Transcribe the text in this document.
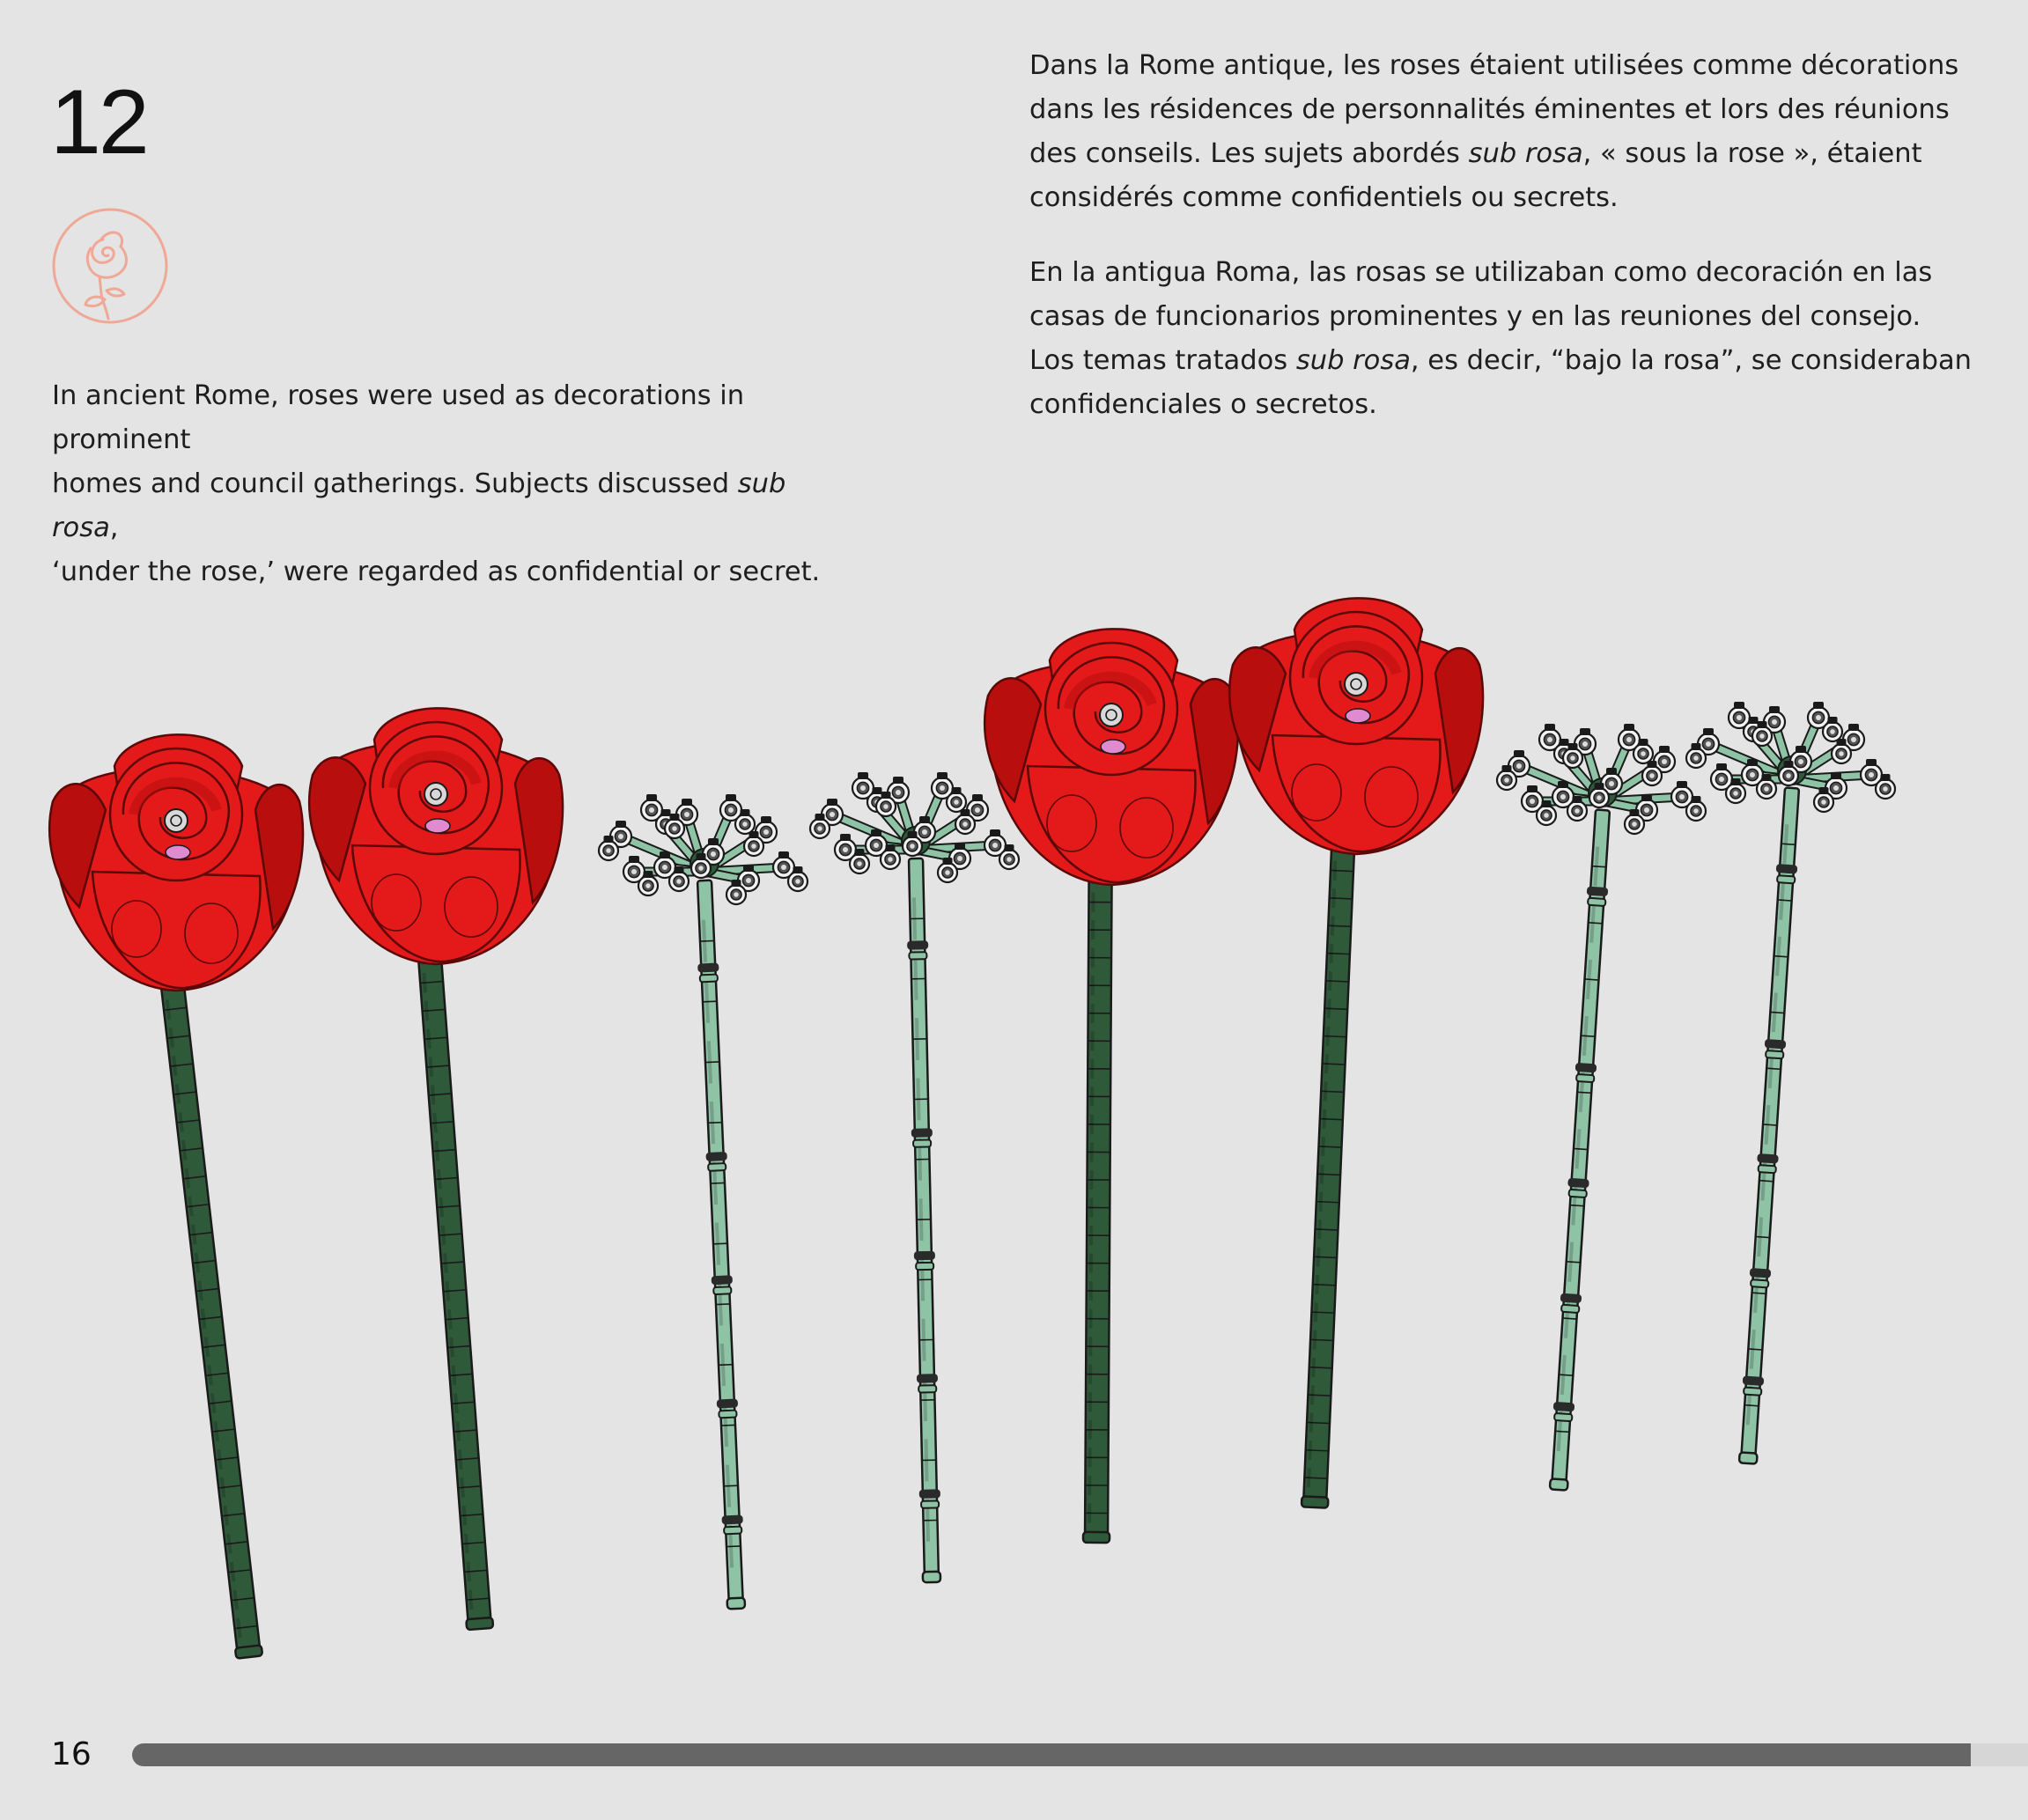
12

In ancient Rome, roses were used as decorations in prominent

homes and council gatherings. Subjects discussed sub rosa,

‘under the rose,’ were regarded as confidential or secret.

Dans la Rome antique, les roses étaient utilisées comme décorations

dans les résidences de personnalités éminentes et lors des réunions

des conseils. Les sujets abordés sub rosa, « sous la rose », étaient

considérés comme confidentiels ou secrets.

En la antigua Roma, las rosas se utilizaban como decoración en las

casas de funcionarios prominentes y en las reuniones del consejo.

Los temas tratados sub rosa, es decir, “bajo la rosa”, se consideraban

confidenciales o secretos.

16
